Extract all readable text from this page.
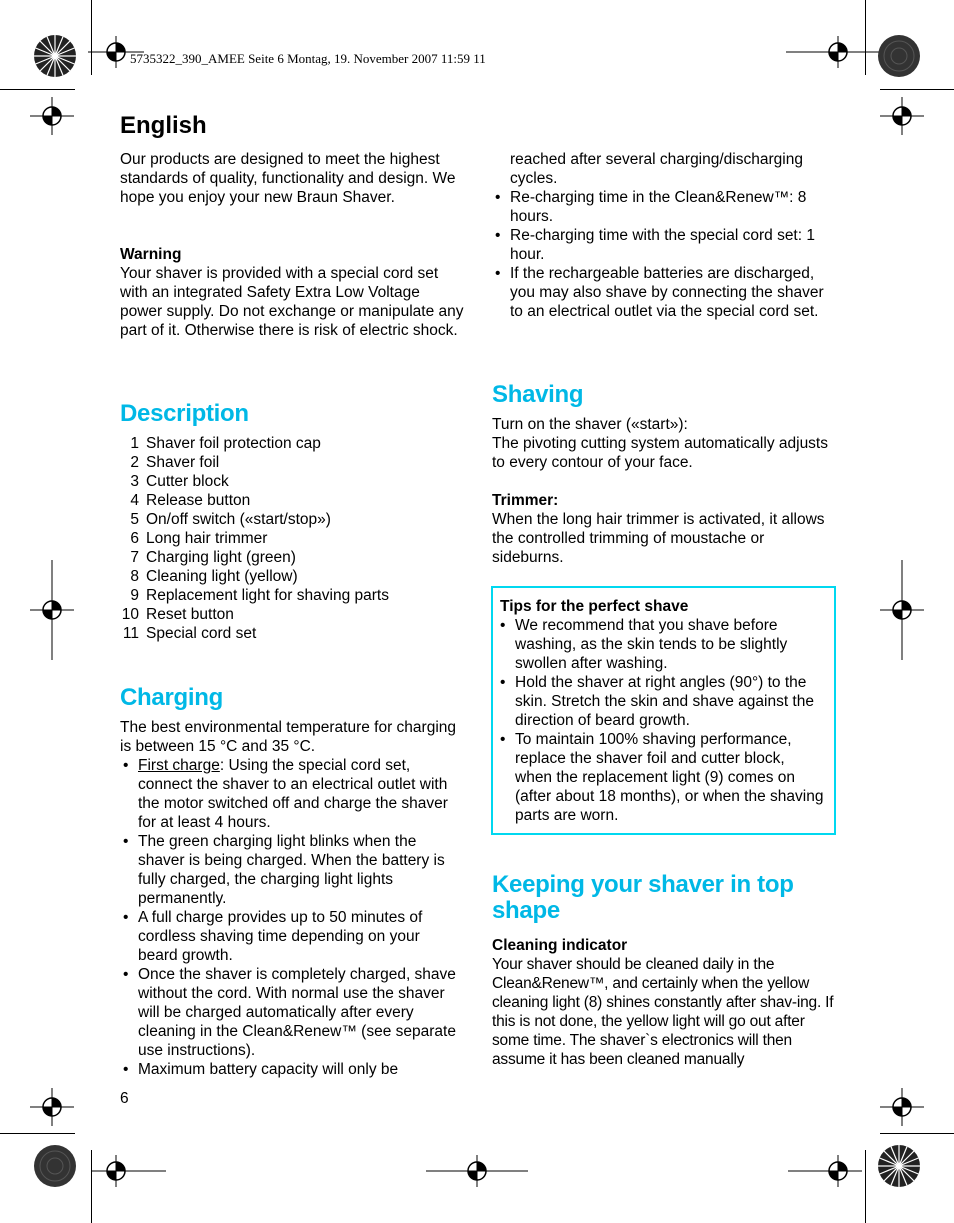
5735322_390_AMEE Seite 6 Montag, 19. November 2007 11:59 11
English

Our products are designed to meet the highest standards of quality, functionality and design. We hope you enjoy your new Braun Shaver.

Warning

Your shaver is provided with a special cord set with an integrated Safety Extra Low Voltage power supply. Do not exchange or manipulate any part of it. Otherwise there is risk of electric shock.

Description
1 Shaver foil protection cap
2 Shaver foil
3 Cutter block
4 Release button
5 On/off switch («start/stop»)
6 Long hair trimmer
7 Charging light (green)
8 Cleaning light (yellow)
9 Replacement light for shaving parts
10 Reset button
11 Special cord set
Charging

The best environmental temperature for charging is between 15 °C and 35 °C.

• First charge: Using the special cord set, connect the shaver to an electrical outlet with the motor switched off and charge the shaver for at least 4 hours.
• The green charging light blinks when the shaver is being charged. When the battery is fully charged, the charging light lights permanently.
• A full charge provides up to 50 minutes of cordless shaving time depending on your beard growth.
• Once the shaver is completely charged, shave without the cord. With normal use the shaver will be charged automatically after every cleaning in the Clean&Renew™ (see separate use instructions).
• Maximum battery capacity will only be
6

reached after several charging/discharging cycles.

• Re-charging time in the Clean&Renew™: 8 hours.
• Re-charging time with the special cord set: 1 hour.
• If the rechargeable batteries are discharged, you may also shave by connecting the shaver to an electrical outlet via the special cord set.
Shaving

Turn on the shaver («start»):

The pivoting cutting system automatically adjusts to every contour of your face.

Trimmer:

When the long hair trimmer is activated, it allows the controlled trimming of moustache or sideburns.

Tips for the perfect shave
• We recommend that you shave before washing, as the skin tends to be slightly swollen after washing.
• Hold the shaver at right angles (90°) to the skin. Stretch the skin and shave against the direction of beard growth.
• To maintain 100% shaving performance, replace the shaver foil and cutter block, when the replacement light (9) comes on (after about 18 months), or when the shaving parts are worn.
Keeping your shaver in top shape
Cleaning indicator

Your shaver should be cleaned daily in the Clean&Renew™, and certainly when the yellow cleaning light (8) shines constantly after shav-ing. If this is not done, the yellow light will go out after some time. The shaver`s electronics will then assume it has been cleaned manually
